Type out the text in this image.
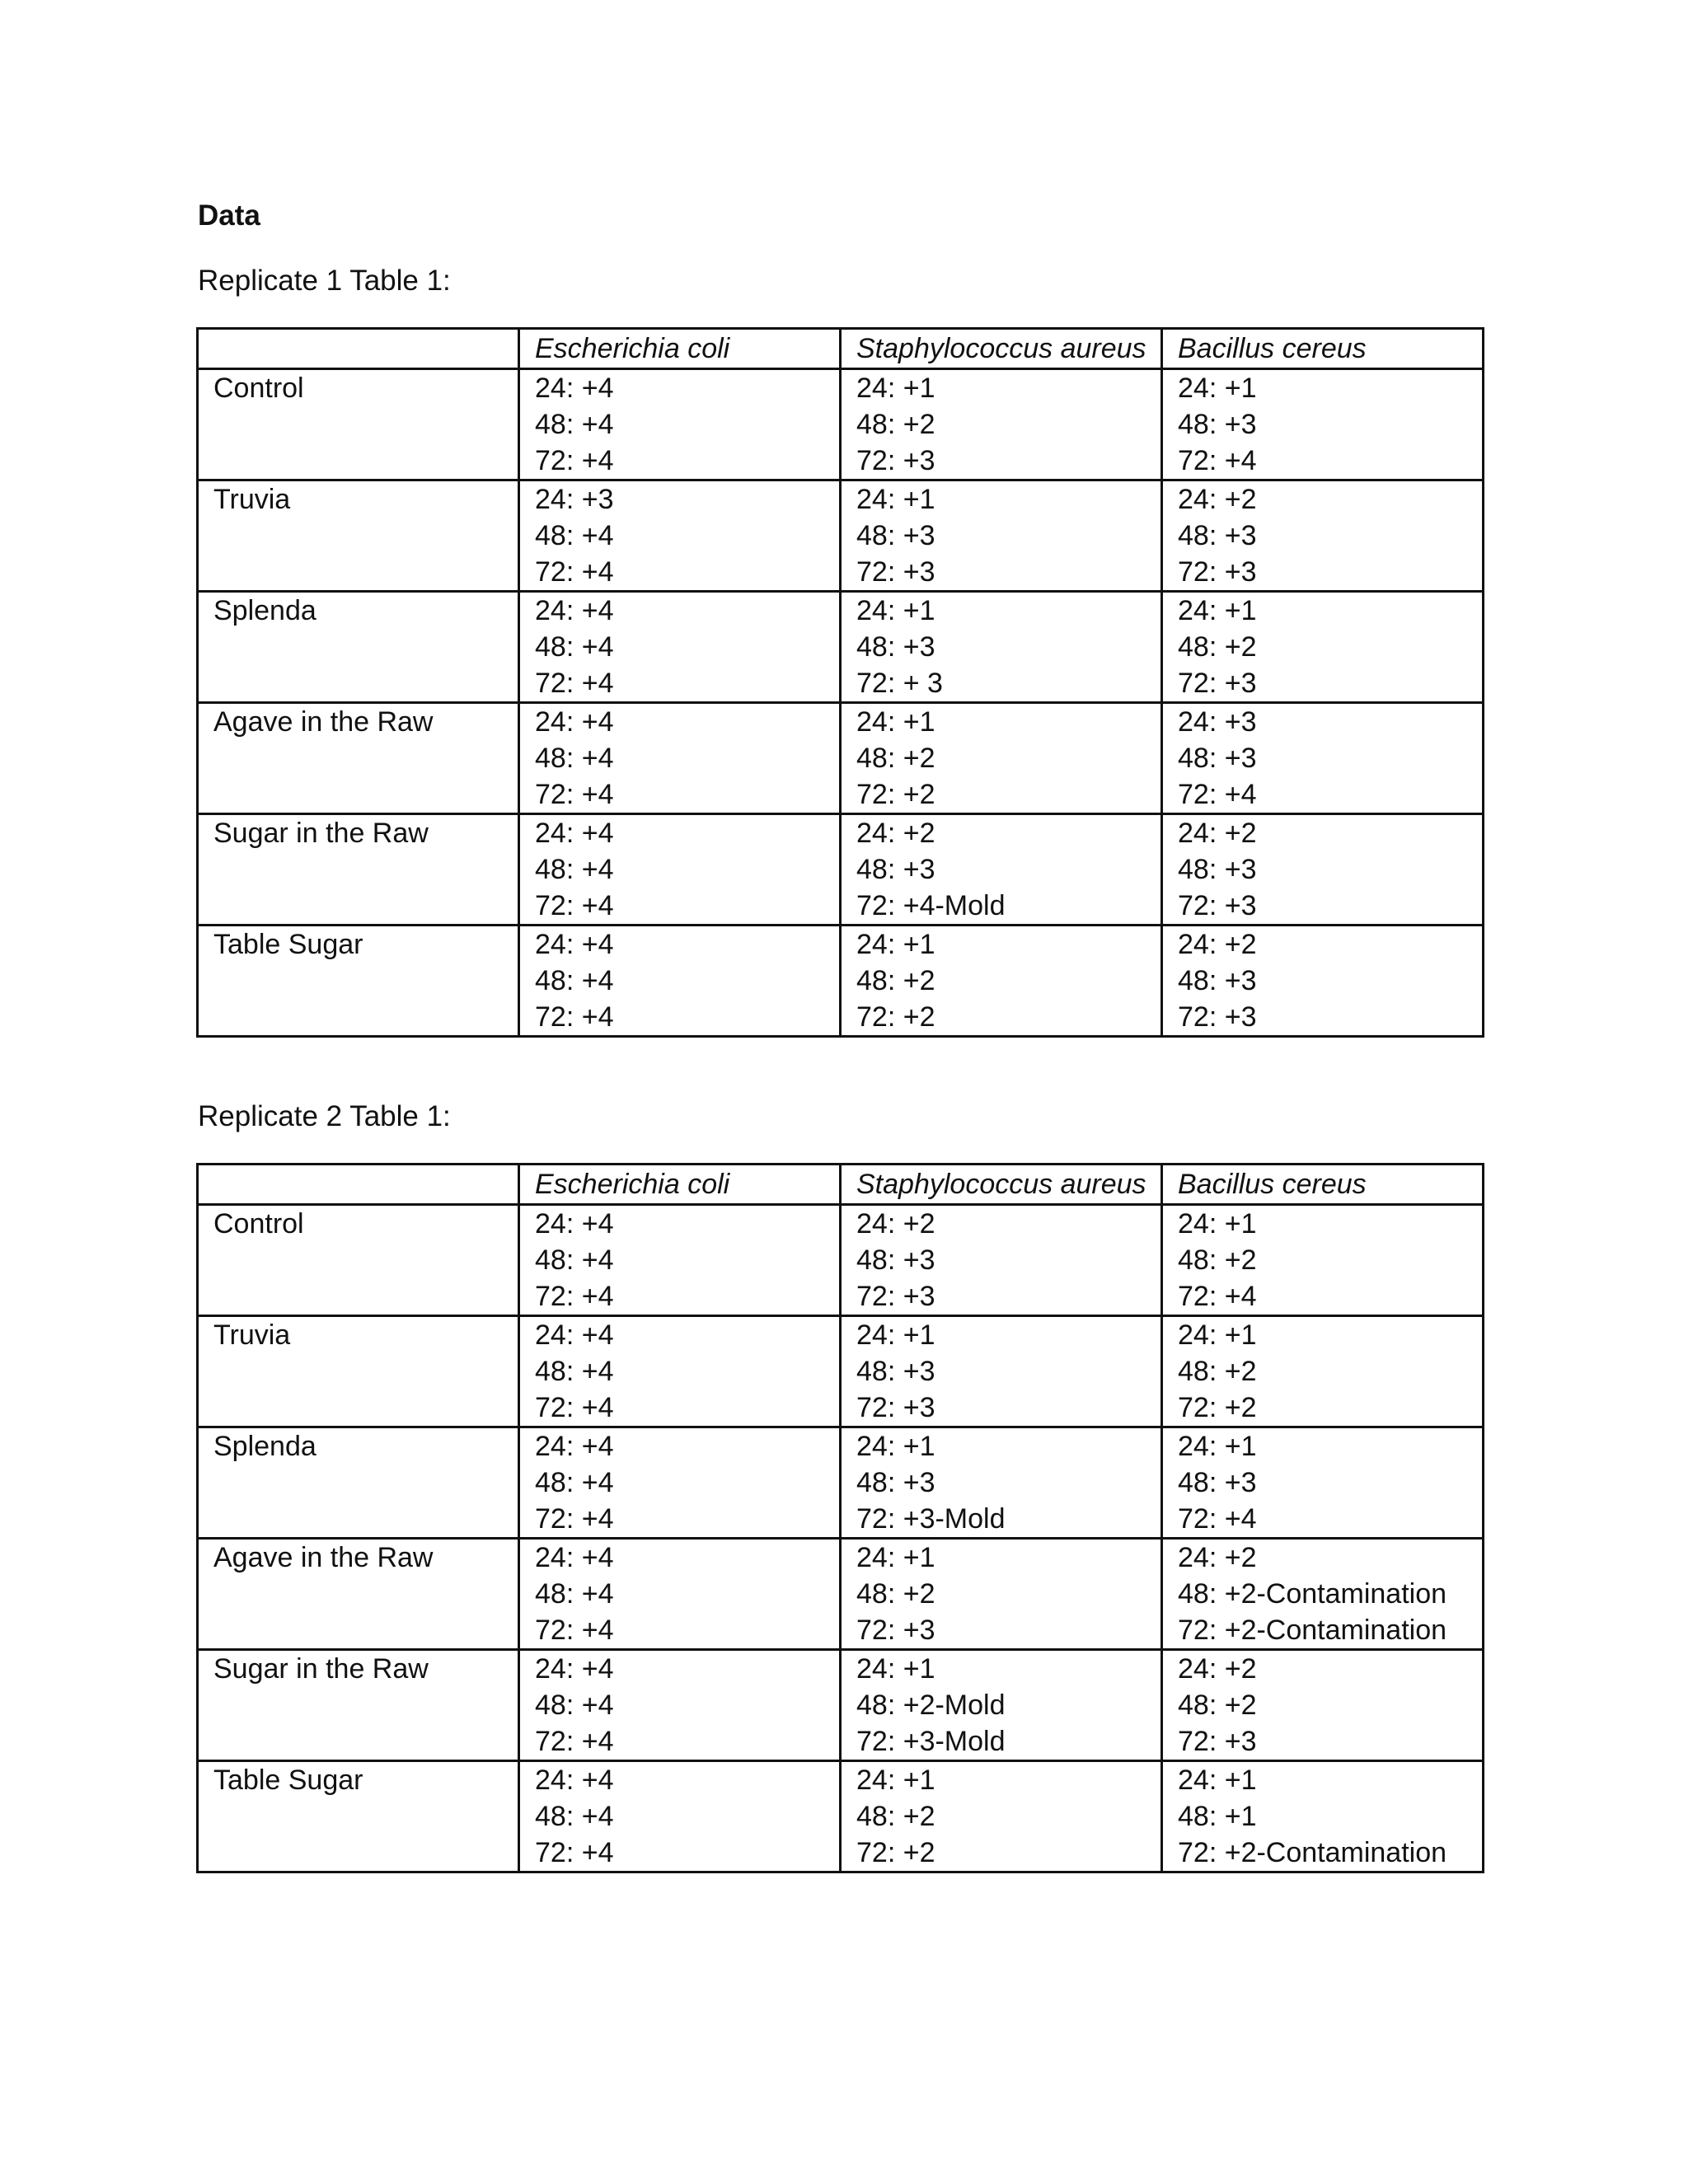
Data
Replicate 1 Table 1:
	Escherichia coli	Staphylococcus aureus	Bacillus cereus

Control	24: +4
48: +4
72: +4	24: +1
48: +2
72: +3	24: +1
48: +3
72: +4

Truvia	24: +3
48: +4
72: +4	24: +1
48: +3
72: +3	24: +2
48: +3
72: +3

Splenda	24: +4
48: +4
72: +4	24: +1
48: +3
72: + 3	24: +1
48: +2
72: +3

Agave in the Raw	24: +4
48: +4
72: +4	24: +1
48: +2
72: +2	24: +3
48: +3
72: +4

Sugar in the Raw	24: +4
48: +4
72: +4	24: +2
48: +3
72: +4-Mold	24: +2
48: +3
72: +3

Table Sugar	24: +4
48: +4
72: +4	24: +1
48: +2
72: +2	24: +2
48: +3
72: +3
Replicate 2 Table 1:
	Escherichia coli	Staphylococcus aureus	Bacillus cereus

Control	24: +4
48: +4
72: +4	24: +2
48: +3
72: +3	24: +1
48: +2
72: +4

Truvia	24: +4
48: +4
72: +4	24: +1
48: +3
72: +3	24: +1
48: +2
72: +2

Splenda	24: +4
48: +4
72: +4	24: +1
48: +3
72: +3-Mold	24: +1
48: +3
72: +4

Agave in the Raw	24: +4
48: +4
72: +4	24: +1
48: +2
72: +3	24: +2
48: +2-Contamination
72: +2-Contamination

Sugar in the Raw	24: +4
48: +4
72: +4	24: +1
48: +2-Mold
72: +3-Mold	24: +2
48: +2
72: +3

Table Sugar	24: +4
48: +4
72: +4	24: +1
48: +2
72: +2	24: +1
48: +1
72: +2-Contamination
